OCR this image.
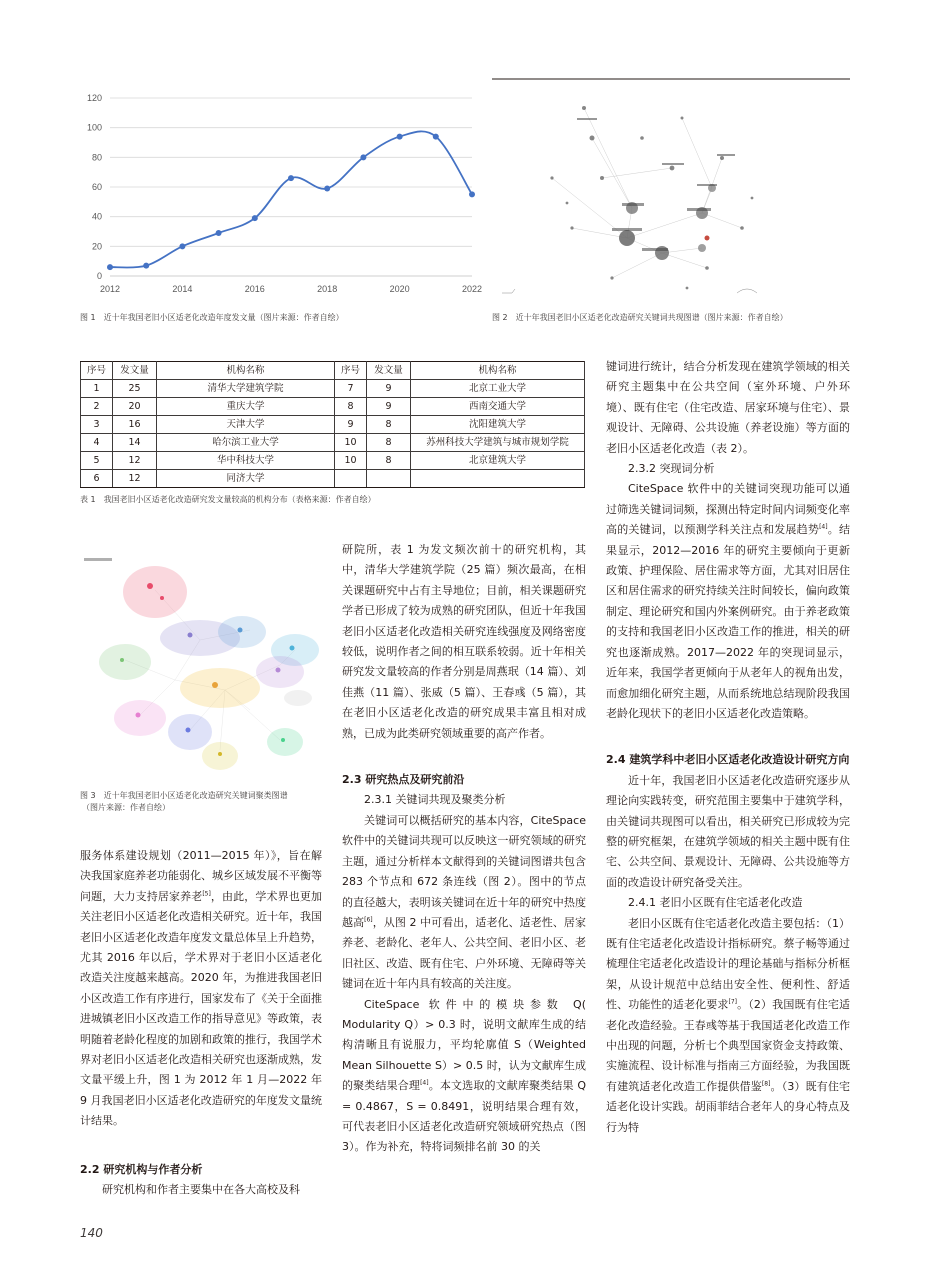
0
20
40
60
80
100
120
2012	2014	2016	2018	2020	2022
图 1　近十年我国老旧小区适老化改造年度发文量（图片来源：作者自绘）	图 2　近十年我国老旧小区适老化改造研究关键词共现图谱（图片来源：作者自绘）
序号	发文量	机构名称	序号	发文量	机构名称
1	25	清华大学建筑学院	7	9	北京工业大学
2	20	重庆大学	8	9	西南交通大学
3	16	天津大学	9	8	沈阳建筑大学
4	14	哈尔滨工业大学	10	8	苏州科技大学建筑与城市规划学院
5	12	华中科技大学	10	8	北京建筑大学
6	12	同济大学			
表 1　我国老旧小区适老化改造研究发文量较高的机构分布（表格来源：作者自绘）
图 3　近十年我国老旧小区适老化改造研究关键词聚类图谱
（图片来源：作者自绘）

服务体系建设规划（2011—2015 年）》，旨在解决我国家庭养老功能弱化、城乡区域发展不平衡等问题，大力支持居家养老[5]，由此，学术界也更加关注老旧小区适老化改造相关研究。近十年，我国老旧小区适老化改造年度发文量总体呈上升趋势，尤其 2016 年以后，学术界对于老旧小区适老化改造关注度越来越高。2020 年，为推进我国老旧小区改造工作有序进行，国家发布了《关于全面推进城镇老旧小区改造工作的指导意见》等政策，表明随着老龄化程度的加剧和政策的推行，我国学术界对老旧小区适老化改造相关研究也逐渐成熟，发文量平缓上升，图 1 为 2012 年 1 月—2022 年 9 月我国老旧小区适老化改造研究的年度发文量统计结果。

2.2 研究机构与作者分析

研究机构和作者主要集中在各大高校及科

研院所，表 1 为发文频次前十的研究机构，其中，清华大学建筑学院（25 篇）频次最高，在相关课题研究中占有主导地位；目前，相关课题研究学者已形成了较为成熟的研究团队，但近十年我国老旧小区适老化改造相关研究连线强度及网络密度较低，说明作者之间的相互联系较弱。近十年相关研究发文量较高的作者分别是周燕珉（14 篇）、刘佳燕（11 篇）、张威（5 篇）、王春彧（5 篇），其在老旧小区适老化改造的研究成果丰富且相对成熟，已成为此类研究领域重要的高产作者。

2.3 研究热点及研究前沿

2.3.1 关键词共现及聚类分析

关键词可以概括研究的基本内容，CiteSpace 软件中的关键词共现可以反映这一研究领域的研究主题，通过分析样本文献得到的关键词图谱共包含 283 个节点和 672 条连线（图 2）。图中的节点的直径越大，表明该关键词在近十年的研究中热度越高[6]，从图 2 中可看出，适老化、适老性、居家养老、老龄化、老年人、公共空间、老旧小区、老旧社区、改造、既有住宅、户外环境、无障碍等关键词在近十年内具有较高的关注度。

CiteSpace 软件中的模块参数 Q( Modularity Q）> 0.3 时，说明文献库生成的结构清晰且有说服力，平均轮廓值 S（Weighted Mean Silhouette S）> 0.5 时，认为文献库生成的聚类结果合理[4]。本文选取的文献库聚类结果 Q = 0.4867，S = 0.8491，说明结果合理有效，可代表老旧小区适老化改造研究领域研究热点（图 3）。作为补充，特将词频排名前 30 的关

键词进行统计，结合分析发现在建筑学领域的相关研究主题集中在公共空间（室外环境、户外环境）、既有住宅（住宅改造、居家环境与住宅）、景观设计、无障碍、公共设施（养老设施）等方面的老旧小区适老化改造（表 2）。

2.3.2 突现词分析

CiteSpace 软件中的关键词突现功能可以通过筛选关键词词频，探测出特定时间内词频变化率高的关键词，以预测学科关注点和发展趋势[4]。结果显示，2012—2016 年的研究主要倾向于更新政策、护理保险、居住需求等方面，尤其对旧居住区和居住需求的研究持续关注时间较长，偏向政策制定、理论研究和国内外案例研究。由于养老政策的支持和我国老旧小区改造工作的推进，相关的研究也逐渐成熟。2017—2022 年的突现词显示，近年来，我国学者更倾向于从老年人的视角出发，而愈加细化研究主题，从而系统地总结现阶段我国老龄化现状下的老旧小区适老化改造策略。

2.4 建筑学科中老旧小区适老化改造设计研究方向

近十年，我国老旧小区适老化改造研究逐步从理论向实践转变，研究范围主要集中于建筑学科，由关键词共现图可以看出，相关研究已形成较为完整的研究框架，在建筑学领域的相关主题中既有住宅、公共空间、景观设计、无障碍、公共设施等方面的改造设计研究备受关注。

2.4.1 老旧小区既有住宅适老化改造

老旧小区既有住宅适老化改造主要包括：（1）既有住宅适老化改造设计指标研究。蔡子畅等通过梳理住宅适老化改造设计的理论基础与指标分析框架，从设计规范中总结出安全性、便利性、舒适性、功能性的适老化要求[7]。（2）我国既有住宅适老化改造经验。王春彧等基于我国适老化改造工作中出现的问题，分析七个典型国家资金支持政策、实施流程、设计标准与指南三方面经验，为我国既有建筑适老化改造工作提供借鉴[8]。（3）既有住宅适老化设计实践。胡雨菲结合老年人的身心特点及行为特

140
